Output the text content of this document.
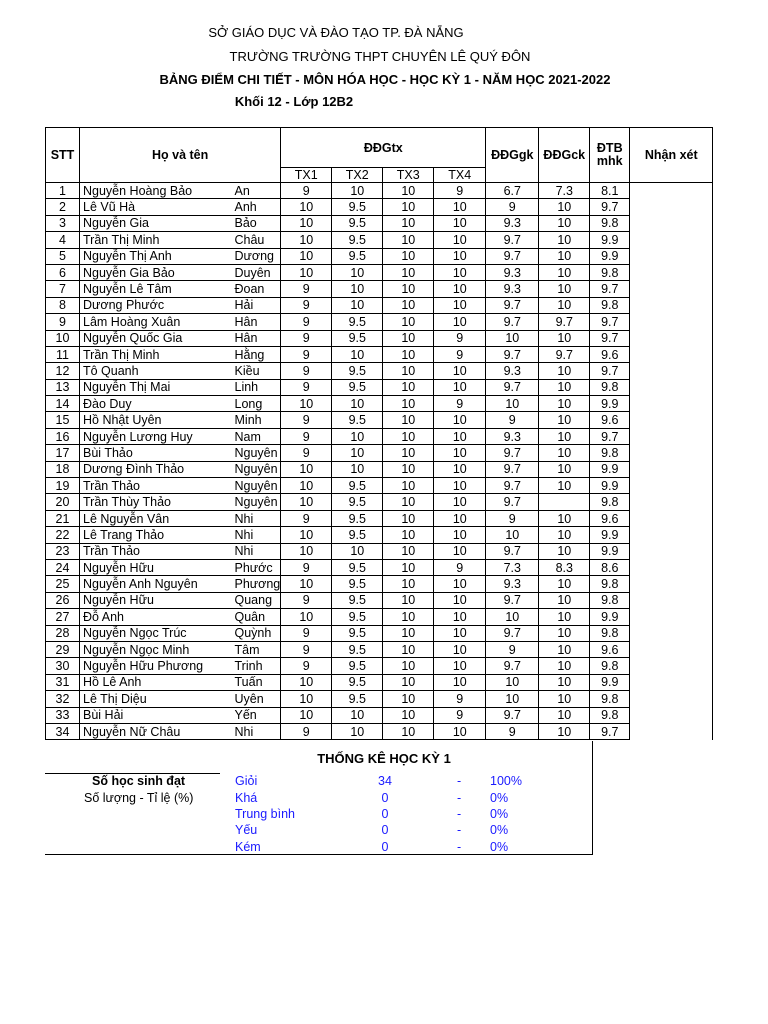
SỞ GIÁO DỤC VÀ ĐÀO TẠO TP. ĐÀ NẴNG
TRƯỜNG TRƯỜNG THPT CHUYÊN LÊ QUÝ ĐÔN
BẢNG ĐIỂM CHI TIẾT - MÔN HÓA HỌC - HỌC KỲ 1 - NĂM HỌC 2021-2022
Khối 12 - Lớp 12B2
STT	Họ và tên		ĐĐGtx				ĐĐGgk	ĐĐGck	ĐTB mhk	Nhận xét
			TX1	TX2	TX3	TX4				
1	Nguyễn Hoàng Bảo	An	9	10	10	9	6.7	7.3	8.1	
2	Lê Vũ Hà	Anh	10	9.5	10	10	9	10	9.7	
3	Nguyễn Gia	Bảo	10	9.5	10	10	9.3	10	9.8	
4	Trần Thị Minh	Châu	10	9.5	10	10	9.7	10	9.9	
5	Nguyễn Thị Anh	Dương	10	9.5	10	10	9.7	10	9.9	
6	Nguyễn Gia Bảo	Duyên	10	10	10	10	9.3	10	9.8	
7	Nguyễn Lê Tâm	Đoan	9	10	10	10	9.3	10	9.7	
8	Dương Phước	Hải	9	10	10	10	9.7	10	9.8	
9	Lâm Hoàng Xuân	Hân	9	9.5	10	10	9.7	9.7	9.7	
10	Nguyễn Quốc Gia	Hân	9	9.5	10	9	10	10	9.7	
11	Trần Thị Minh	Hằng	9	10	10	9	9.7	9.7	9.6	
12	Tô Quanh	Kiều	9	9.5	10	10	9.3	10	9.7	
13	Nguyễn Thị Mai	Linh	9	9.5	10	10	9.7	10	9.8	
14	Đào Duy	Long	10	10	10	9	10	10	9.9	
15	Hồ Nhật Uyên	Minh	9	9.5	10	10	9	10	9.6	
16	Nguyễn Lương Huy	Nam	9	10	10	10	9.3	10	9.7	
17	Bùi Thảo	Nguyên	9	10	10	10	9.7	10	9.8	
18	Dương Đình Thảo	Nguyên	10	10	10	10	9.7	10	9.9	
19	Trần Thảo	Nguyên	10	9.5	10	10	9.7	10	9.9	
20	Trần Thùy Thảo	Nguyên	10	9.5	10	10	9.7		9.8	
21	Lê Nguyễn Vân	Nhi	9	9.5	10	10	9	10	9.6	
22	Lê Trang Thảo	Nhi	10	9.5	10	10	10	10	9.9	
23	Trần Thảo	Nhi	10	10	10	10	9.7	10	9.9	
24	Nguyễn Hữu	Phước	9	9.5	10	9	7.3	8.3	8.6	
25	Nguyễn Anh Nguyên	Phương	10	9.5	10	10	9.3	10	9.8	
26	Nguyễn Hữu	Quang	9	9.5	10	10	9.7	10	9.8	
27	Đỗ Anh	Quân	10	9.5	10	10	10	10	9.9	
28	Nguyễn Ngọc Trúc	Quỳnh	9	9.5	10	10	9.7	10	9.8	
29	Nguyễn Ngọc Minh	Tâm	9	9.5	10	10	9	10	9.6	
30	Nguyễn Hữu Phương	Trinh	9	9.5	10	10	9.7	10	9.8	
31	Hồ Lê Anh	Tuấn	10	9.5	10	10	10	10	9.9	
32	Lê Thị Diệu	Uyên	10	9.5	10	9	10	10	9.8	
33	Bùi Hải	Yến	10	10	10	9	9.7	10	9.8	
34	Nguyễn Nữ Châu	Nhi	9	10	10	10	9	10	9.7	
THỐNG KÊ HỌC KỲ 1
Số học sinh đạt
Số lượng - Tỉ lệ (%)
Giỏi	34	- 100%
Khá	0	- 0%
Trung bình	0	- 0%
Yếu	0	- 0%
Kém	0	- 0%
